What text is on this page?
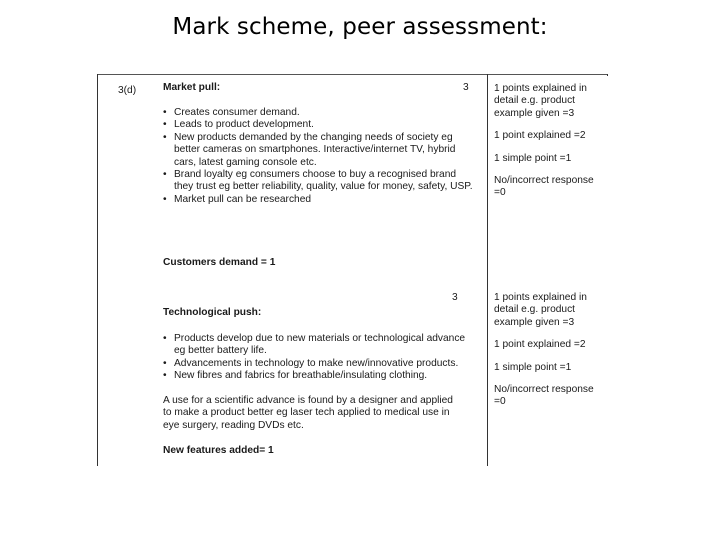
Mark scheme, peer assessment:
3(d)	Market pull:	3
• Creates consumer demand.
• Leads to product development.
• New products demanded by the changing needs of society eg better cameras on smartphones. Interactive/internet TV, hybrid cars, latest gaming console etc.
• Brand loyalty eg consumers choose to buy a recognised brand they trust eg better reliability, quality, value for money, safety, USP.
• Market pull can be researched
Customers demand = 1
1 points explained in detail e.g. product example given =3
1 point explained =2
1 simple point =1
No/incorrect response =0
3
Technological push:
• Products develop due to new materials or technological advance eg better battery life.
• Advancements in technology to make new/innovative products.
• New fibres and fabrics for breathable/insulating clothing.
A use for a scientific advance is found by a designer and applied to make a product better eg laser tech applied to medical use in eye surgery, reading DVDs etc.
New features added= 1
1 points explained in detail e.g. product example given =3
1 point explained =2
1 simple point =1
No/incorrect response =0
